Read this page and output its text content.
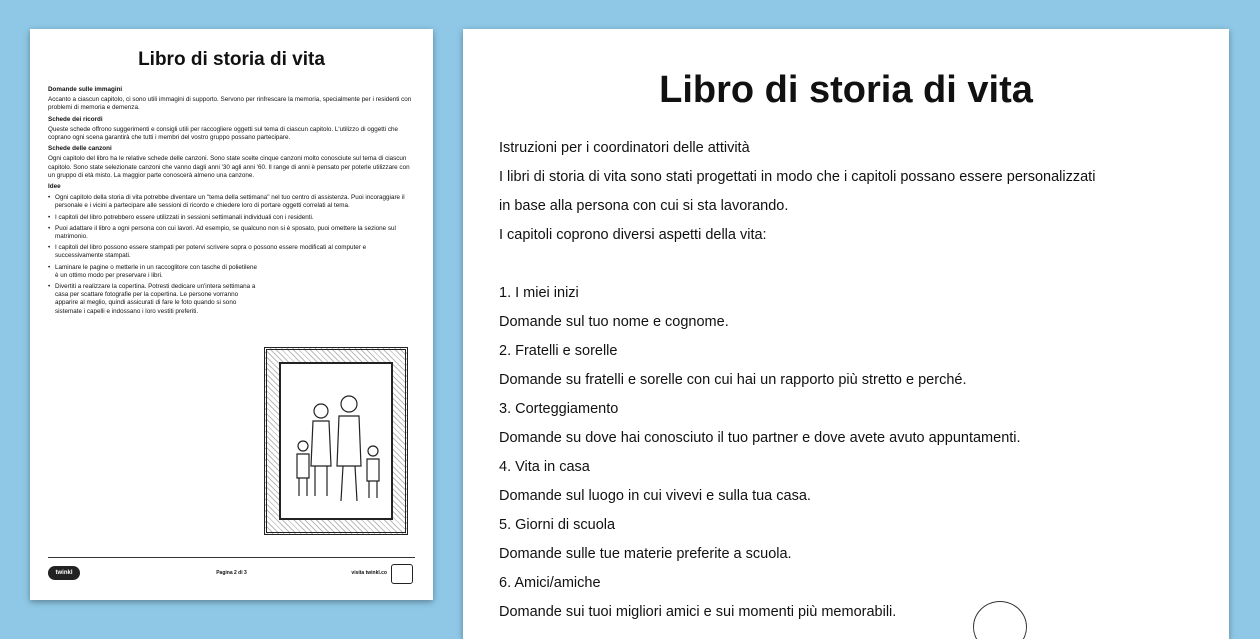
Libro di storia di vita
Domande sulle immagini
Accanto a ciascun capitolo, ci sono utili immagini di supporto. Servono per rinfrescare la memoria, specialmente per i residenti con problemi di memoria e demenza.
Schede dei ricordi
Queste schede offrono suggerimenti e consigli utili per raccogliere oggetti sul tema di ciascun capitolo. L'utilizzo di oggetti che coprano ogni scena garantirà che tutti i membri del vostro gruppo possano partecipare.
Schede delle canzoni
Ogni capitolo del libro ha le relative schede delle canzoni. Sono state scelte cinque canzoni molto conosciute sul tema di ciascun capitolo. Sono state selezionate canzoni che vanno dagli anni '30 agli anni '60. Il range di anni è pensato per poterle utilizzare con un gruppo di età misto. La maggior parte conoscerà almeno una canzone.
Idee
• Ogni capitolo della storia di vita potrebbe diventare un "tema della settimana" nel tuo centro di assistenza. Puoi incoraggiare il personale e i vicini a partecipare alle sessioni di ricordo e chiedere loro di portare oggetti correlati al tema.
• I capitoli del libro potrebbero essere utilizzati in sessioni settimanali individuali con i residenti.
• Puoi adattare il libro a ogni persona con cui lavori. Ad esempio, se qualcuno non si è sposato, puoi omettere la sezione sul matrimonio.
• I capitoli del libro possono essere stampati per potervi scrivere sopra o possono essere modificati al computer e successivamente stampati.
• Laminare le pagine o metterle in un raccoglitore con tasche di polietilene è un ottimo modo per preservare i libri.
• Divertiti a realizzare la copertina. Potresti dedicare un'intera settimana a casa per scattare fotografie per la copertina. Le persone vorranno apparire al meglio, quindi assicurati di fare le foto quando si sono sistemate i capelli e indossano i loro vestiti preferiti.
twinkl	Pagina 2 di 3	visita twinkl.co
Libro di storia di vita
Istruzioni per i coordinatori delle attività
I libri di storia di vita sono stati progettati in modo che i capitoli possano essere personalizzati
in base alla persona con cui si sta lavorando.
I capitoli coprono diversi aspetti della vita:
1. I miei inizi
Domande sul tuo nome e cognome.
2. Fratelli e sorelle
Domande su fratelli e sorelle con cui hai un rapporto più stretto e perché.
3. Corteggiamento
Domande su dove hai conosciuto il tuo partner e dove avete avuto appuntamenti.
4. Vita in casa
Domande sul luogo in cui vivevi e sulla tua casa.
5. Giorni di scuola
Domande sulle tue materie preferite a scuola.
6. Amici/amiche
Domande sui tuoi migliori amici e sui momenti più memorabili.
